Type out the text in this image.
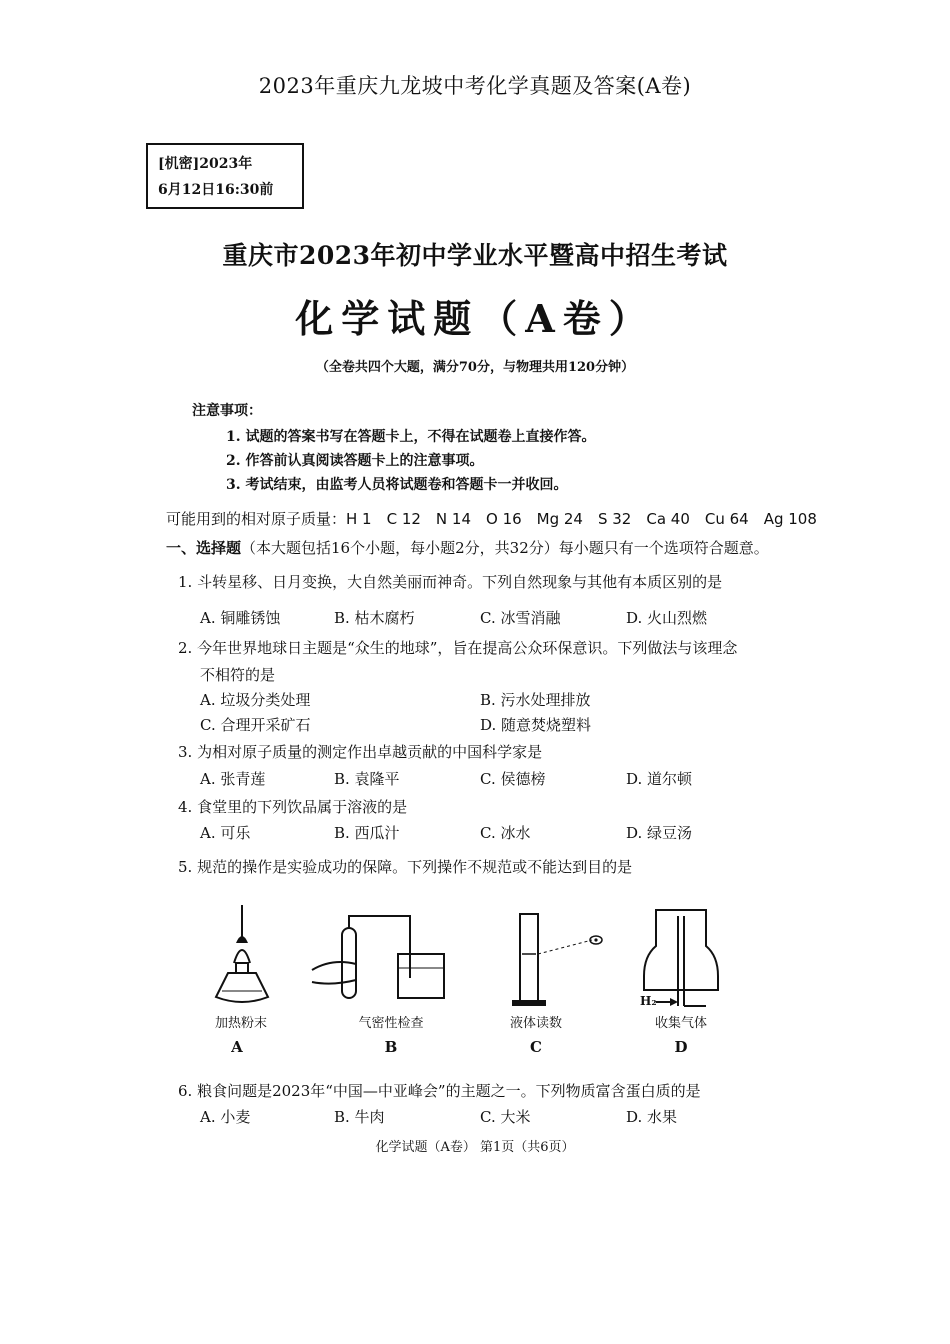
2023年重庆九龙坡中考化学真题及答案(A卷)
[机密]2023年
6月12日16:30前
重庆市2023年初中学业水平暨高中招生考试
化学试题（A卷）
（全卷共四个大题，满分70分，与物理共用120分钟）
注意事项：
1. 试题的答案书写在答题卡上，不得在试题卷上直接作答。
2. 作答前认真阅读答题卡上的注意事项。
3. 考试结束，由监考人员将试题卷和答题卡一并收回。
可能用到的相对原子质量：H 1　C 12　N 14　O 16　Mg 24　S 32　Ca 40　Cu 64　Ag 108
一、选择题（本大题包括16个小题，每小题2分，共32分）每小题只有一个选项符合题意。
1. 斗转星移、日月变换，大自然美丽而神奇。下列自然现象与其他有本质区别的是
A. 铜雕锈蚀	B. 枯木腐朽	C. 冰雪消融	D. 火山烈燃
2. 今年世界地球日主题是“众生的地球”，旨在提高公众环保意识。下列做法与该理念
不相符的是
A. 垃圾分类处理	B. 污水处理排放
C. 合理开采矿石	D. 随意焚烧塑料
3. 为相对原子质量的测定作出卓越贡献的中国科学家是
A. 张青莲	B. 袁隆平	C. 侯德榜	D. 道尔顿
4. 食堂里的下列饮品属于溶液的是
A. 可乐	B. 西瓜汁	C. 冰水	D. 绿豆汤
5. 规范的操作是实验成功的保障。下列操作不规范或不能达到目的是
H₂
加热粉末	气密性检查	液体读数	收集气体
A	B	C	D
6. 粮食问题是2023年“中国—中亚峰会”的主题之一。下列物质富含蛋白质的是
A. 小麦	B. 牛肉	C. 大米	D. 水果
化学试题（A卷） 第1页（共6页）
